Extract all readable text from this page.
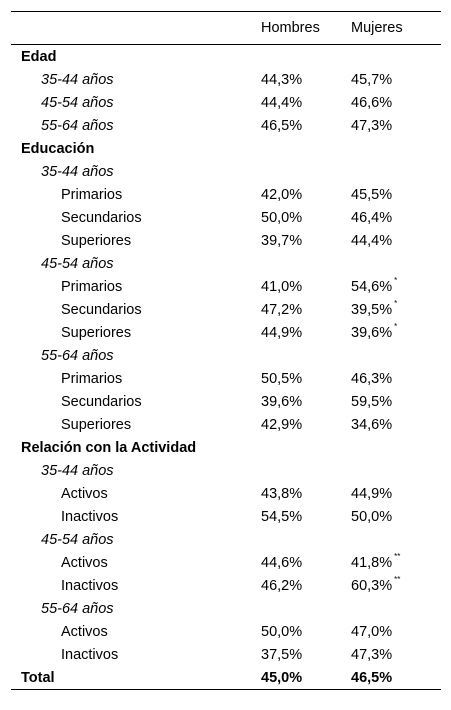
	Hombres	Mujeres
Edad		
35-44 años	44,3%	45,7%
45-54 años	44,4%	46,6%
55-64 años	46,5%	47,3%
Educación		
35-44 años		
Primarios	42,0%	45,5%
Secundarios	50,0%	46,4%
Superiores	39,7%	44,4%
45-54 años		
Primarios	41,0%	54,6% *
Secundarios	47,2%	39,5% *
Superiores	44,9%	39,6% *
55-64 años		
Primarios	50,5%	46,3%
Secundarios	39,6%	59,5%
Superiores	42,9%	34,6%
Relación con la Actividad		
35-44 años		
Activos	43,8%	44,9%
Inactivos	54,5%	50,0%
45-54 años		
Activos	44,6%	41,8% **
Inactivos	46,2%	60,3% **
55-64 años		
Activos	50,0%	47,0%
Inactivos	37,5%	47,3%
Total	45,0%	46,5%
